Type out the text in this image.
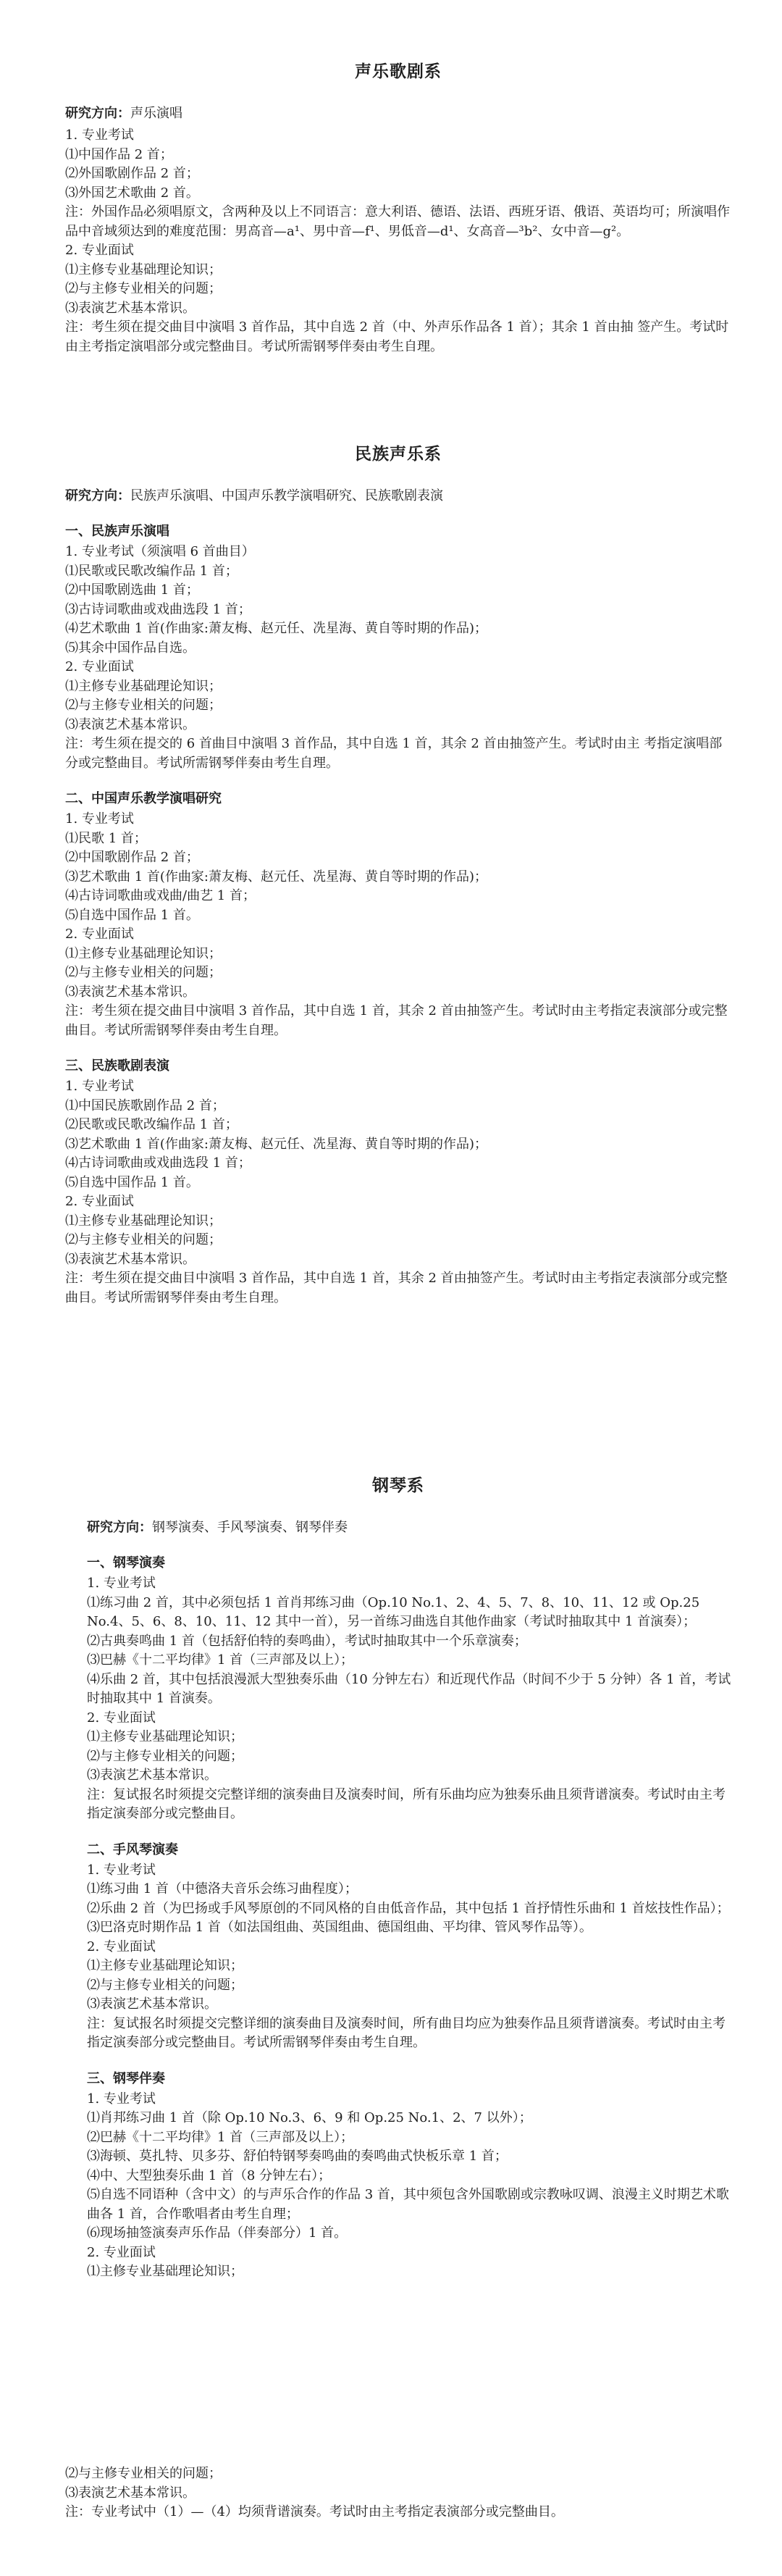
声乐歌剧系
研究方向：声乐演唱

1. 专业考试

⑴中国作品 2 首；

⑵外国歌剧作品 2 首；

⑶外国艺术歌曲 2 首。

注：外国作品必须唱原文，含两种及以上不同语言：意大利语、德语、法语、西班牙语、俄语、英语均可；所演唱作品中音域须达到的难度范围：男高音—a¹、男中音—f¹、男低音—d¹、女高音—³b²、女中音—g²。

2. 专业面试

⑴主修专业基础理论知识；

⑵与主修专业相关的问题；

⑶表演艺术基本常识。

注：考生须在提交曲目中演唱 3 首作品，其中自选 2 首（中、外声乐作品各 1 首）；其余 1 首由抽 签产生。考试时由主考指定演唱部分或完整曲目。考试所需钢琴伴奏由考生自理。

民族声乐系
研究方向：民族声乐演唱、中国声乐教学演唱研究、民族歌剧表演
一、民族声乐演唱

1. 专业考试（须演唱 6 首曲目）

⑴民歌或民歌改编作品 1 首；

⑵中国歌剧选曲 1 首；

⑶古诗词歌曲或戏曲选段 1 首；

⑷艺术歌曲 1 首(作曲家:萧友梅、赵元任、冼星海、黄自等时期的作品)；

⑸其余中国作品自选。

2. 专业面试

⑴主修专业基础理论知识；

⑵与主修专业相关的问题；

⑶表演艺术基本常识。

注：考生须在提交的 6 首曲目中演唱 3 首作品，其中自选 1 首，其余 2 首由抽签产生。考试时由主 考指定演唱部分或完整曲目。考试所需钢琴伴奏由考生自理。

二、中国声乐教学演唱研究

1. 专业考试

⑴民歌 1 首；

⑵中国歌剧作品 2 首；

⑶艺术歌曲 1 首(作曲家:萧友梅、赵元任、冼星海、黄自等时期的作品)；

⑷古诗词歌曲或戏曲/曲艺 1 首；

⑸自选中国作品 1 首。

2. 专业面试

⑴主修专业基础理论知识；

⑵与主修专业相关的问题；

⑶表演艺术基本常识。

注：考生须在提交曲目中演唱 3 首作品，其中自选 1 首，其余 2 首由抽签产生。考试时由主考指定表演部分或完整曲目。考试所需钢琴伴奏由考生自理。

三、民族歌剧表演

1. 专业考试

⑴中国民族歌剧作品 2 首；

⑵民歌或民歌改编作品 1 首；

⑶艺术歌曲 1 首(作曲家:萧友梅、赵元任、冼星海、黄自等时期的作品)；

⑷古诗词歌曲或戏曲选段 1 首；

⑸自选中国作品 1 首。

2. 专业面试

⑴主修专业基础理论知识；

⑵与主修专业相关的问题；

⑶表演艺术基本常识。

注：考生须在提交曲目中演唱 3 首作品，其中自选 1 首，其余 2 首由抽签产生。考试时由主考指定表演部分或完整曲目。考试所需钢琴伴奏由考生自理。

钢琴系
研究方向：钢琴演奏、手风琴演奏、钢琴伴奏
一、钢琴演奏

1. 专业考试

⑴练习曲 2 首，其中必须包括 1 首肖邦练习曲（Op.10 No.1、2、4、5、7、8、10、11、12 或 Op.25 No.4、5、6、8、10、11、12 其中一首），另一首练习曲选自其他作曲家（考试时抽取其中 1 首演奏）；

⑵古典奏鸣曲 1 首（包括舒伯特的奏鸣曲），考试时抽取其中一个乐章演奏；

⑶巴赫《十二平均律》1 首（三声部及以上）；

⑷乐曲 2 首，其中包括浪漫派大型独奏乐曲（10 分钟左右）和近现代作品（时间不少于 5 分钟）各 1 首，考试时抽取其中 1 首演奏。

2. 专业面试

⑴主修专业基础理论知识；

⑵与主修专业相关的问题；

⑶表演艺术基本常识。

注：复试报名时须提交完整详细的演奏曲目及演奏时间，所有乐曲均应为独奏乐曲且须背谱演奏。考试时由主考指定演奏部分或完整曲目。

二、手风琴演奏

1. 专业考试

⑴练习曲 1 首（中德洛夫音乐会练习曲程度）；

⑵乐曲 2 首（为巴扬或手风琴原创的不同风格的自由低音作品，其中包括 1 首抒情性乐曲和 1 首炫技性作品）；

⑶巴洛克时期作品 1 首（如法国组曲、英国组曲、德国组曲、平均律、管风琴作品等）。

2. 专业面试

⑴主修专业基础理论知识；

⑵与主修专业相关的问题；

⑶表演艺术基本常识。

注：复试报名时须提交完整详细的演奏曲目及演奏时间，所有曲目均应为独奏作品且须背谱演奏。考试时由主考指定演奏部分或完整曲目。考试所需钢琴伴奏由考生自理。

三、钢琴伴奏

1. 专业考试

⑴肖邦练习曲 1 首（除 Op.10 No.3、6、9 和 Op.25 No.1、2、7 以外）；

⑵巴赫《十二平均律》1 首（三声部及以上）；

⑶海顿、莫扎特、贝多芬、舒伯特钢琴奏鸣曲的奏鸣曲式快板乐章 1 首；

⑷中、大型独奏乐曲 1 首（8 分钟左右）；

⑸自选不同语种（含中文）的与声乐合作的作品 3 首，其中须包含外国歌剧或宗教咏叹调、浪漫主义时期艺术歌曲各 1 首，合作歌唱者由考生自理；

⑹现场抽签演奏声乐作品（伴奏部分）1 首。

2. 专业面试

⑴主修专业基础理论知识；

⑵与主修专业相关的问题；

⑶表演艺术基本常识。

注：专业考试中（1）—（4）均须背谱演奏。考试时由主考指定表演部分或完整曲目。
